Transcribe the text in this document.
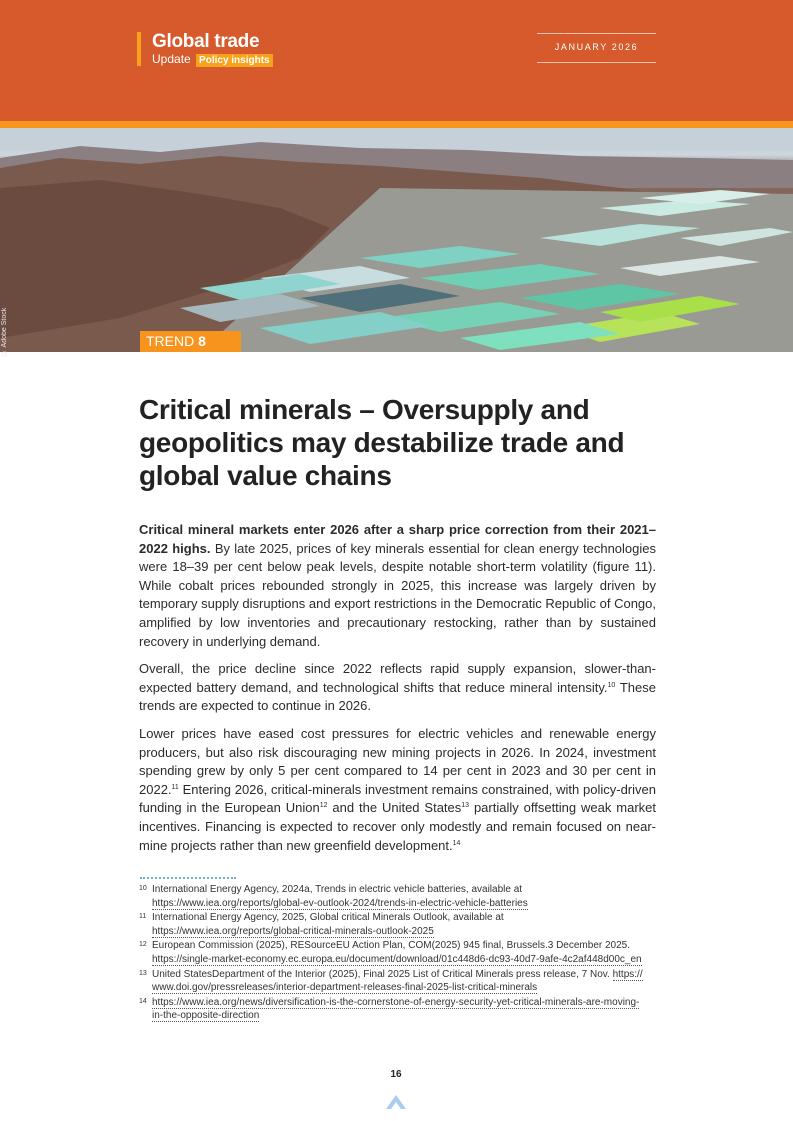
Global trade
Update Policy insights
JANUARY 2026
© Adobe Stock	TREND 8
Critical minerals – Oversupply and geopolitics may destabilize trade and global value chains

Critical mineral markets enter 2026 after a sharp price correction from their 2021–2022 highs. By late 2025, prices of key minerals essential for clean energy technologies were 18–39 per cent below peak levels, despite notable short-term volatility (figure 11). While cobalt prices rebounded strongly in 2025, this increase was largely driven by temporary supply disruptions and export restrictions in the Democratic Republic of Congo, amplified by low inventories and precautionary restocking, rather than by sustained recovery in underlying demand.

Overall, the price decline since 2022 reflects rapid supply expansion, slower-than-expected battery demand, and technological shifts that reduce mineral intensity.$^{10}$ These trends are expected to continue in 2026.

Lower prices have eased cost pressures for electric vehicles and renewable energy producers, but also risk discouraging new mining projects in 2026. In 2024, investment spending grew by only 5 per cent compared to 14 per cent in 2023 and 30 per cent in 2022.11 Entering 2026, critical-minerals investment remains constrained, with policy-driven funding in the European Union$^{12}$ and the United States$^{13}$ partially offsetting weak market incentives. Financing is expected to recover only modestly and remain focused on near-mine projects rather than new greenfield development.$^{14}$

10 International Energy Agency, 2024a, Trends in electric vehicle batteries, available at https://www.iea.org/reports/global-ev-outlook-2024/trends-in-electric-vehicle-batteries
11 International Energy Agency, 2025, Global critical Minerals Outlook, available at https://www.iea.org/reports/global-critical-minerals-outlook-2025
12 European Commission (2025), RESourceEU Action Plan, COM(2025) 945 final, Brussels.3 December 2025. https://single-market-economy.ec.europa.eu/document/download/01c448d6-dc93-40d7-9afe-4c2af448d00c_en
13 United StatesDepartment of the Interior (2025), Final 2025 List of Critical Minerals press release, 7 Nov. https:// www.doi.gov/pressreleases/interior-department-releases-final-2025-list-critical-minerals
14 https://www.iea.org/news/diversification-is-the-cornerstone-of-energy-security-yet-critical-minerals-are-moving-in-the-opposite-direction
16
